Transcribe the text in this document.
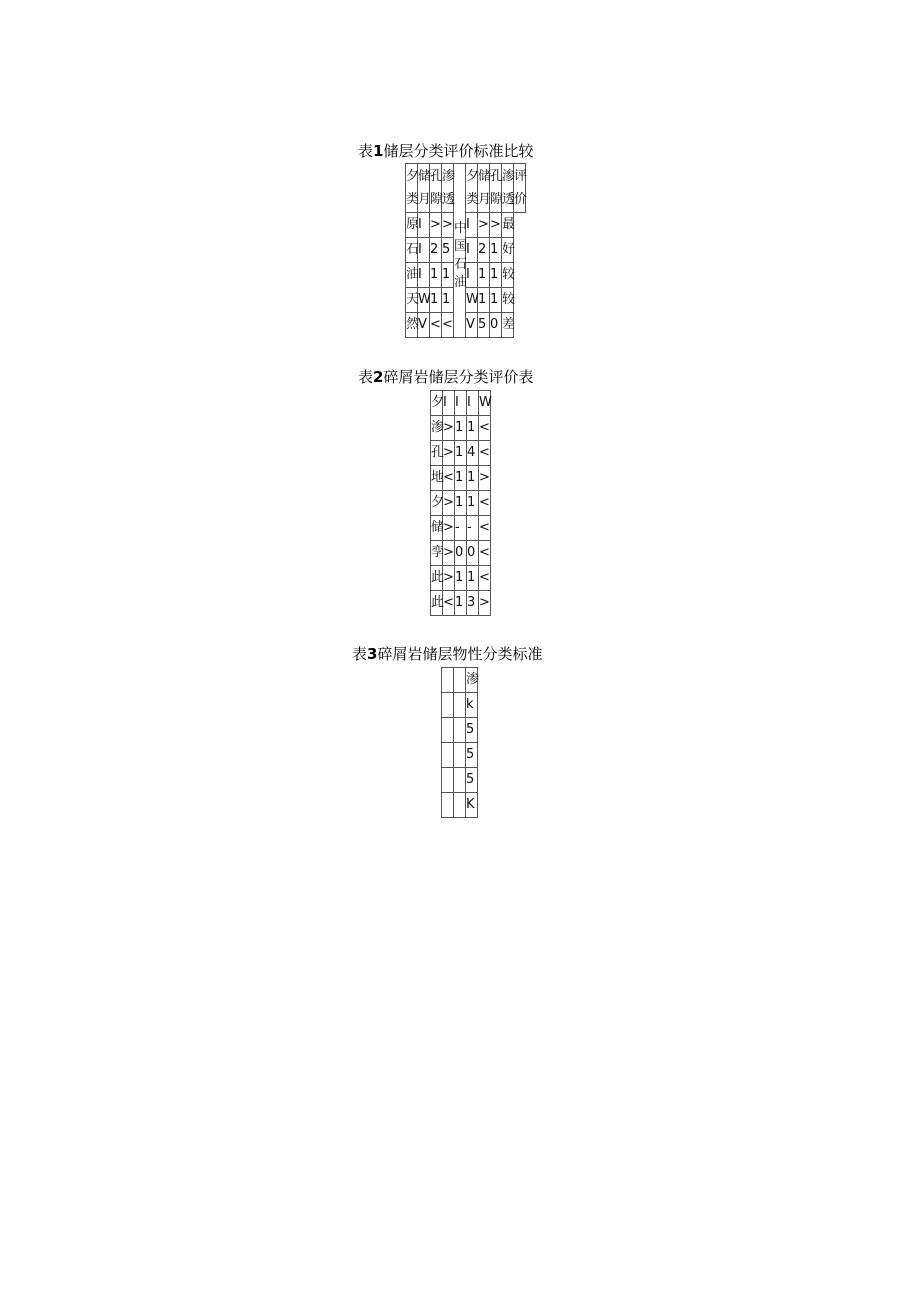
表1储层分类评价标准比较
夕类	储月	孔隙	渗透	中国石油	夕类	储月	孔隙	渗透	评价
原	I	>	>		I	>	>	最	
石	I	2	5		I	2	1	好	
油	I	1	1		I	1	1	较	
天	W	1	1		W	1	1	较	
然	V	<	<		V	5	0	差	
表2碎屑岩储层分类评价表
夕	I	I	I	W
渗	>	1	1	<
孔	>	1	4	<
地	<	1	1	>
夕	>	1	1	<
储	>	-	-	<
孪	>	0	0	<
此	>	1	1	<
此	<	1	3	>
表3碎屑岩储层物性分类标准
		渗
		k
		5
		5
		5
		K
